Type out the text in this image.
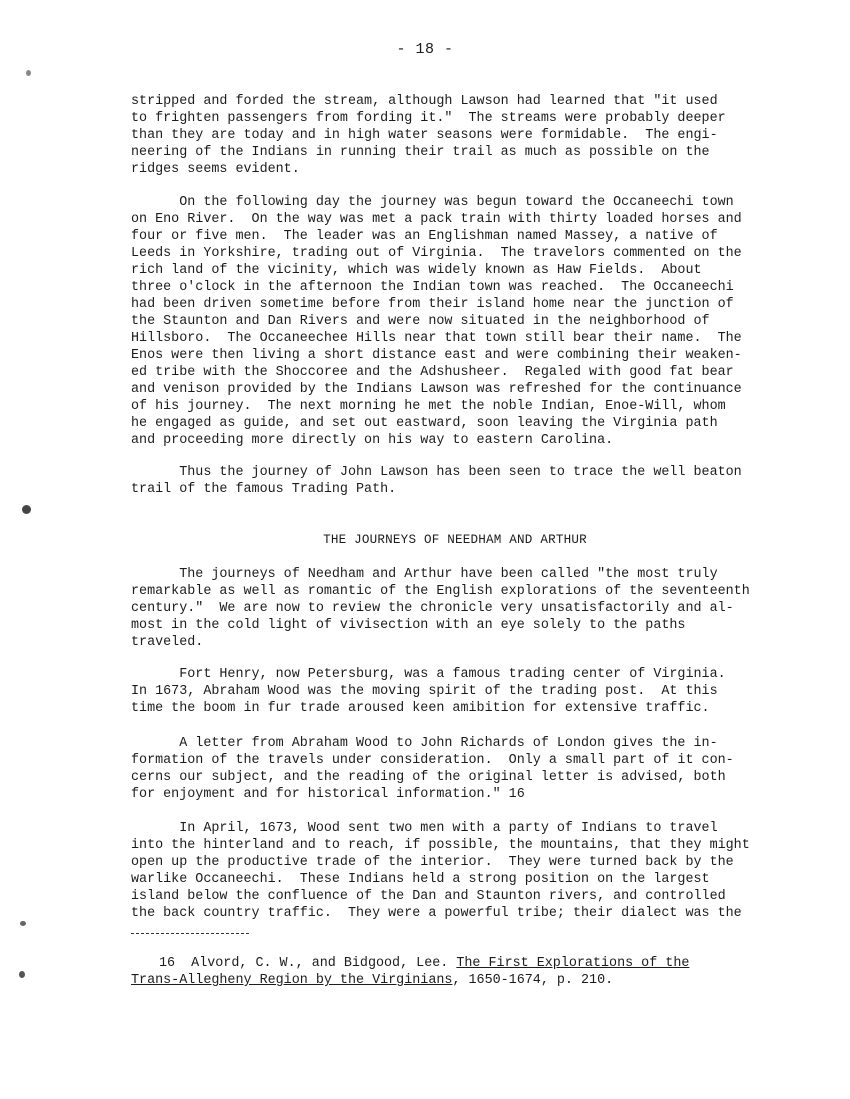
- 18 -

stripped and forded the stream, although Lawson had learned that "it used
to frighten passengers from fording it."  The streams were probably deeper
than they are today and in high water seasons were formidable.  The engi-
neering of the Indians in running their trail as much as possible on the
ridges seems evident.

On the following day the journey was begun toward the Occaneechi town
on Eno River.  On the way was met a pack train with thirty loaded horses and
four or five men.  The leader was an Englishman named Massey, a native of
Leeds in Yorkshire, trading out of Virginia.  The travelors commented on the
rich land of the vicinity, which was widely known as Haw Fields.  About
three o'clock in the afternoon the Indian town was reached.  The Occaneechi
had been driven sometime before from their island home near the junction of
the Staunton and Dan Rivers and were now situated in the neighborhood of
Hillsboro.  The Occaneechee Hills near that town still bear their name.  The
Enos were then living a short distance east and were combining their weaken-
ed tribe with the Shoccoree and the Adshusheer.  Regaled with good fat bear
and venison provided by the Indians Lawson was refreshed for the continuance
of his journey.  The next morning he met the noble Indian, Enoe-Will, whom
he engaged as guide, and set out eastward, soon leaving the Virginia path
and proceeding more directly on his way to eastern Carolina.

Thus the journey of John Lawson has been seen to trace the well beaton
trail of the famous Trading Path.

THE JOURNEYS OF NEEDHAM AND ARTHUR

The journeys of Needham and Arthur have been called "the most truly
remarkable as well as romantic of the English explorations of the seventeenth
century."  We are now to review the chronicle very unsatisfactorily and al-
most in the cold light of vivisection with an eye solely to the paths
traveled.

Fort Henry, now Petersburg, was a famous trading center of Virginia.
In 1673, Abraham Wood was the moving spirit of the trading post.  At this
time the boom in fur trade aroused keen amibition for extensive traffic.

A letter from Abraham Wood to John Richards of London gives the in-
formation of the travels under consideration.  Only a small part of it con-
cerns our subject, and the reading of the original letter is advised, both
for enjoyment and for historical information." 16

In April, 1673, Wood sent two men with a party of Indians to travel
into the hinterland and to reach, if possible, the mountains, that they might
open up the productive trade of the interior.  They were turned back by the
warlike Occaneechi.  These Indians held a strong position on the largest
island below the confluence of the Dan and Staunton rivers, and controlled
the back country traffic.  They were a powerful tribe; their dialect was the

16 Alvord, C. W., and Bidgood, Lee. The First Explorations of the
Trans-Allegheny Region by the Virginians, 1650-1674, p. 210.
